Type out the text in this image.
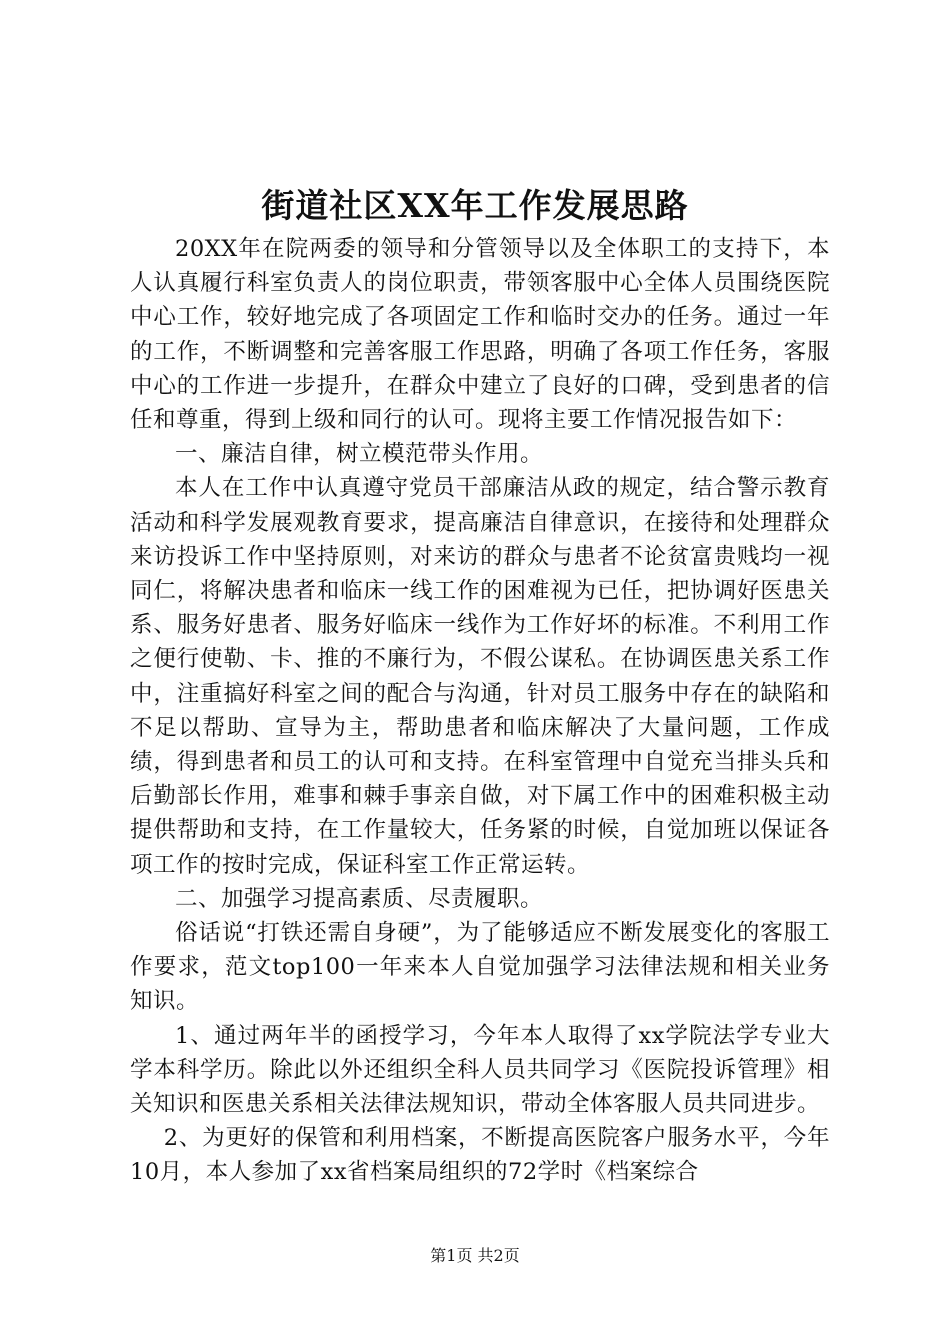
街道社区XX年工作发展思路

20XX年在院两委的领导和分管领导以及全体职工的支持下，本人认真履行科室负责人的岗位职责，带领客服中心全体人员围绕医院中心工作，较好地完成了各项固定工作和临时交办的任务。通过一年的工作，不断调整和完善客服工作思路，明确了各项工作任务，客服中心的工作进一步提升，在群众中建立了良好的口碑，受到患者的信任和尊重，得到上级和同行的认可。现将主要工作情况报告如下：

一、廉洁自律，树立模范带头作用。

本人在工作中认真遵守党员干部廉洁从政的规定，结合警示教育活动和科学发展观教育要求，提高廉洁自律意识，在接待和处理群众来访投诉工作中坚持原则，对来访的群众与患者不论贫富贵贱均一视同仁，将解决患者和临床一线工作的困难视为已任，把协调好医患关系、服务好患者、服务好临床一线作为工作好坏的标准。不利用工作之便行使勒、卡、推的不廉行为，不假公谋私。在协调医患关系工作中，注重搞好科室之间的配合与沟通，针对员工服务中存在的缺陷和不足以帮助、宣导为主，帮助患者和临床解决了大量问题，工作成绩，得到患者和员工的认可和支持。在科室管理中自觉充当排头兵和后勤部长作用，难事和棘手事亲自做，对下属工作中的困难积极主动提供帮助和支持，在工作量较大，任务紧的时候，自觉加班以保证各项工作的按时完成，保证科室工作正常运转。

二、加强学习提高素质、尽责履职。

俗话说“打铁还需自身硬”，为了能够适应不断发展变化的客服工作要求，范文top100一年来本人自觉加强学习法律法规和相关业务知识。

1、通过两年半的函授学习，今年本人取得了xx学院法学专业大学本科学历。除此以外还组织全科人员共同学习《医院投诉管理》相关知识和医患关系相关法律法规知识，带动全体客服人员共同进步。

2、为更好的保管和利用档案，不断提高医院客户服务水平，今年10月，本人参加了xx省档案局组织的72学时《档案综合

第1页 共2页
